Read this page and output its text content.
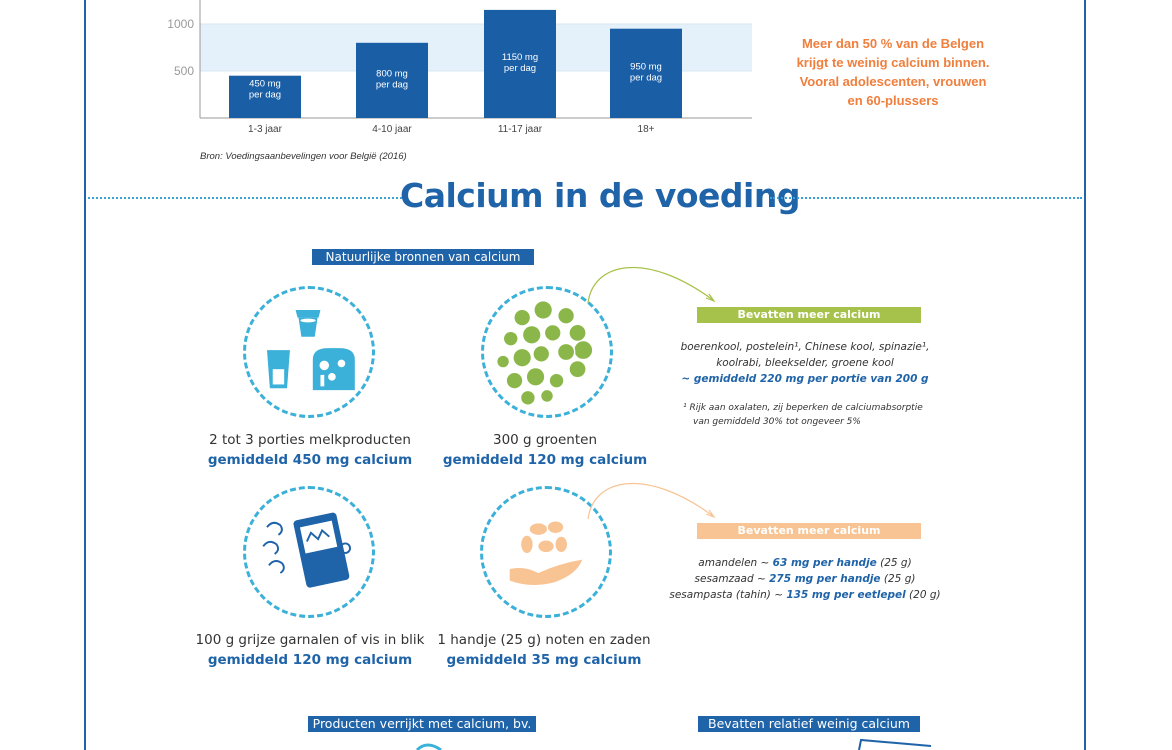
500
1000
450 mg
per dag
1-3 jaar
800 mg
per dag
4-10 jaar
1150 mg
per dag
11-17 jaar
950 mg
per dag
18+
Bron: Voedingsaanbevelingen voor België (2016)
Meer dan 50 % van de Belgen
krijgt te weinig calcium binnen.
Vooral adolescenten, vrouwen
en 60-plussers
Calcium in de voeding
Natuurlijke bronnen van calcium
2 tot 3 porties melkproducten
gemiddeld 450 mg calcium
300 g groenten
gemiddeld 120 mg calcium
Bevatten meer calcium
boerenkool, postelein¹, Chinese kool, spinazie¹,
koolrabi, bleekselder, groene kool
~ gemiddeld 220 mg per portie van 200 g
¹ Rijk aan oxalaten, zij beperken de calciumabsorptie
van gemiddeld 30% tot ongeveer 5%
100 g grijze garnalen of vis in blik
gemiddeld 120 mg calcium
1 handje (25 g) noten en zaden
gemiddeld 35 mg calcium
Bevatten meer calcium
amandelen ~ 63 mg per handje (25 g)
sesamzaad ~ 275 mg per handje (25 g)
sesampasta (tahin) ~ 135 mg per eetlepel (20 g)
Producten verrijkt met calcium, bv.	Bevatten relatief weinig calcium
